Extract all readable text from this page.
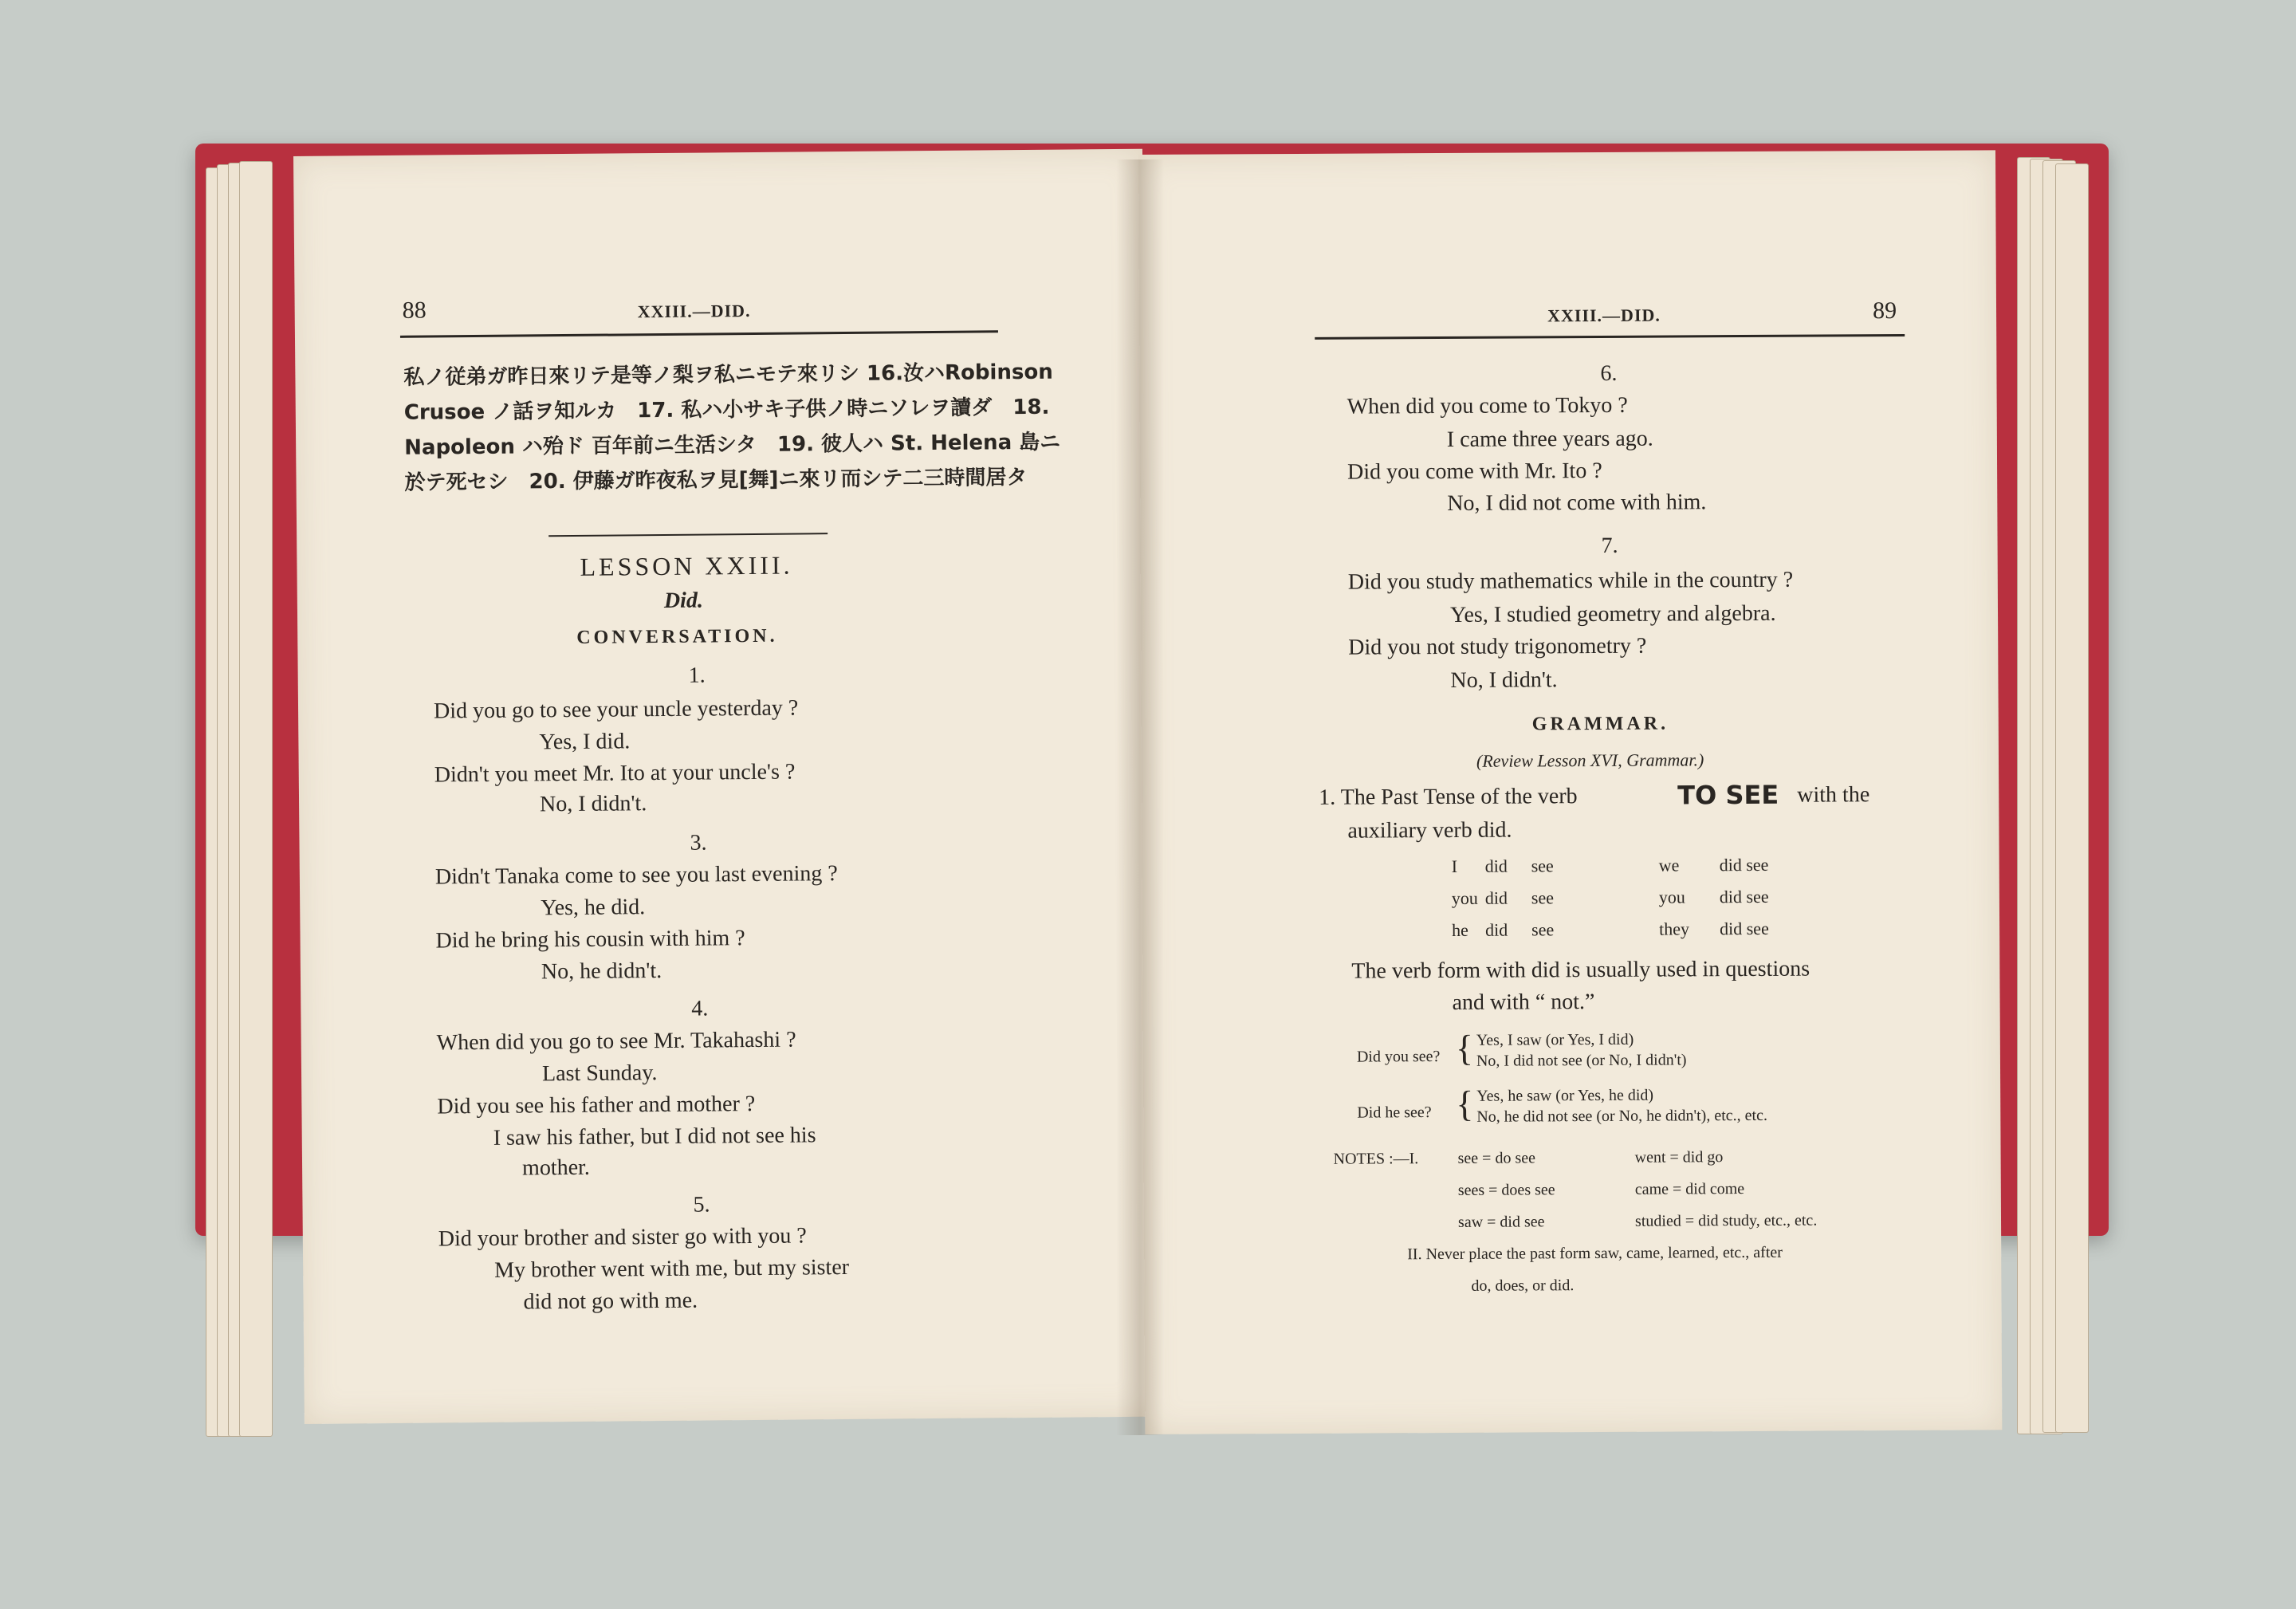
88	XXIII.—DID.
私ノ従弟ガ昨日來リテ是等ノ梨ヲ私ニモテ來リシ 16.汝ハRobinson
Crusoe ノ話ヲ知ルカ　17. 私ハ小サキ子供ノ時ニソレヲ讀ダ　18.
Napoleon ハ殆ド 百年前ニ生活シタ　19. 彼人ハ St. Helena 島ニ
於テ死セシ　20. 伊藤ガ昨夜私ヲ見[舞]ニ來リ而シテ二三時間居タ
LESSON XXIII.
Did.
CONVERSATION.
1.
Did you go to see your uncle yesterday ?
Yes, I did.
Didn't you meet Mr. Ito at your uncle's ?
No, I didn't.
3.
Didn't Tanaka come to see you last evening ?
Yes, he did.
Did he bring his cousin with him ?
No, he didn't.
4.
When did you go to see Mr. Takahashi ?
Last Sunday.
Did you see his father and mother ?
I saw his father, but I did not see his
mother.
5.
Did your brother and sister go with you ?
My brother went with me, but my sister
did not go with me.
XXIII.—DID.	89
6.
When did you come to Tokyo ?
I came three years ago.
Did you come with Mr. Ito ?
No, I did not come with him.
7.
Did you study mathematics while in the country ?
Yes, I studied geometry and algebra.
Did you not study trigonometry ?
No, I didn't.
GRAMMAR.
(Review Lesson XVI, Grammar.)
1. The Past Tense of the verb	TO SEE with the
auxiliary verb did.
I did see	we did see
you did see	you did see
he did see	they did see
The verb form with did is usually used in questions
and with “ not.”
Did you see? { Yes, I saw (or Yes, I did)
No, I did not see (or No, I didn't)
Did he see? { Yes, he saw (or Yes, he did)
No, he did not see (or No, he didn't), etc., etc.
NOTES :—I. see = do see	went = did go
sees = does see	came = did come
saw = did see	studied = did study, etc., etc.
II. Never place the past form saw, came, learned, etc., after
do, does, or did.
